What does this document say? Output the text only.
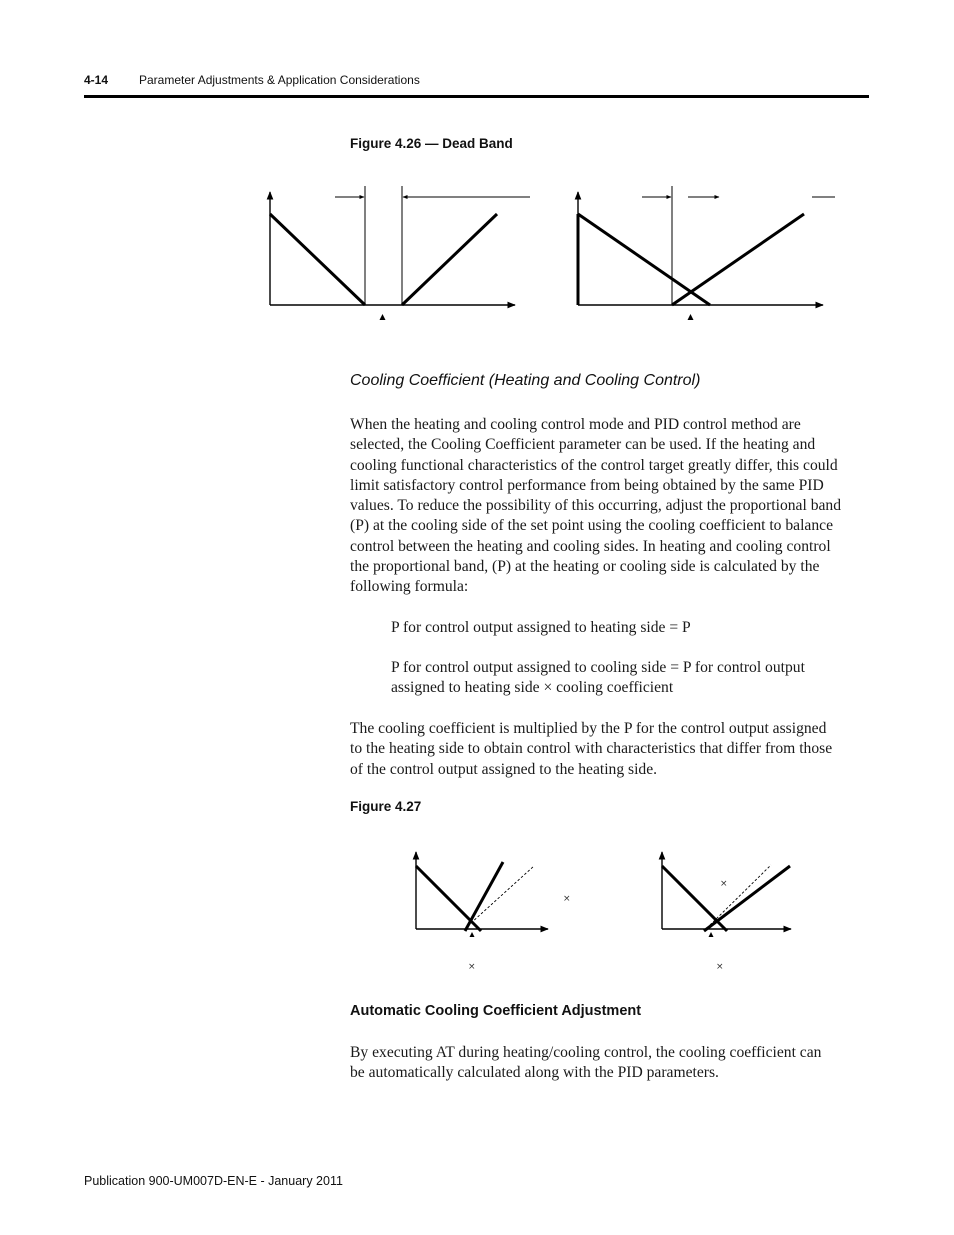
4-14	Parameter Adjustments & Application Considerations
Figure 4.26 — Dead Band
Cooling Coefficient (Heating and Cooling Control)
When the heating and cooling control mode and PID control method are
selected, the Cooling Coefficient parameter can be used. If the heating and
cooling functional characteristics of the control target greatly differ, this could
limit satisfactory control performance from being obtained by the same PID
values. To reduce the possibility of this occurring, adjust the proportional band
(P) at the cooling side of the set point using the cooling coefficient to balance
control between the heating and cooling sides. In heating and cooling control
the proportional band, (P) at the heating or cooling side is calculated by the
following formula:
P for control output assigned to heating side = P
P for control output assigned to cooling side = P for control output
assigned to heating side × cooling coefficient
The cooling coefficient is multiplied by the P for the control output assigned
to the heating side to obtain control with characteristics that differ from those
of the control output assigned to the heating side.
Figure 4.27
×
×
×
×
Automatic Cooling Coefficient Adjustment
By executing AT during heating/cooling control, the cooling coefficient can
be automatically calculated along with the PID parameters.
Publication 900-UM007D-EN-E - January 2011
